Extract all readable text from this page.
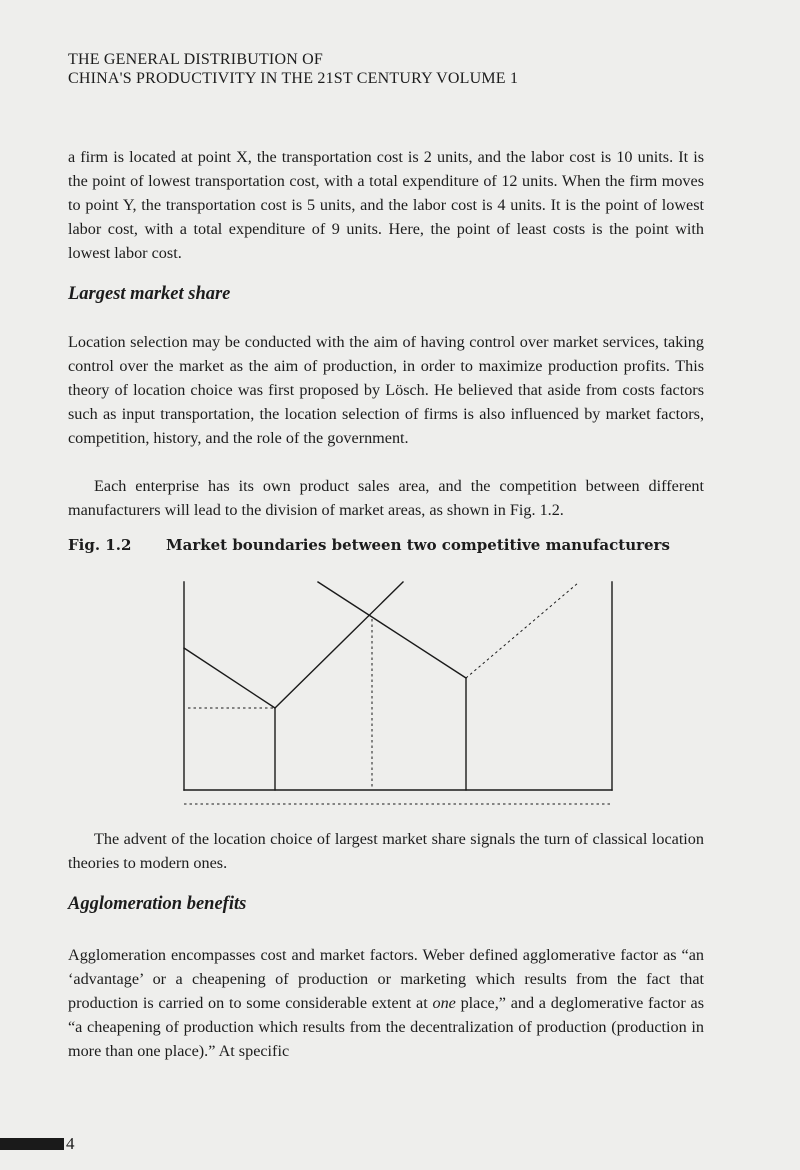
THE GENERAL DISTRIBUTION OF
CHINA'S PRODUCTIVITY IN THE 21ST CENTURY VOLUME 1

a firm is located at point X, the transportation cost is 2 units, and the labor cost is 10 units. It is the point of lowest transportation cost, with a total expenditure of 12 units. When the firm moves to point Y, the transportation cost is 5 units, and the labor cost is 4 units. It is the point of lowest labor cost, with a total expenditure of 9 units. Here, the point of least costs is the point with lowest labor cost.

Largest market share

Location selection may be conducted with the aim of having control over market services, taking control over the market as the aim of production, in order to maximize production profits. This theory of location choice was first proposed by Lösch. He believed that aside from costs factors such as input transportation, the location selection of firms is also influenced by market factors, competition, history, and the role of the government.

Each enterprise has its own product sales area, and the competition between different manufacturers will lead to the division of market areas, as shown in Fig. 1.2.

Fig. 1.2 Market boundaries between two competitive manufacturers

The advent of the location choice of largest market share signals the turn of classical location theories to modern ones.

Agglomeration benefits

Agglomeration encompasses cost and market factors. Weber defined agglomerative factor as “an ‘advantage’ or a cheapening of production or marketing which results from the fact that production is carried on to some considerable extent at one place,” and a deglomerative factor as “a cheapening of production which results from the decentralization of production (production in more than one place).” At specific

4
